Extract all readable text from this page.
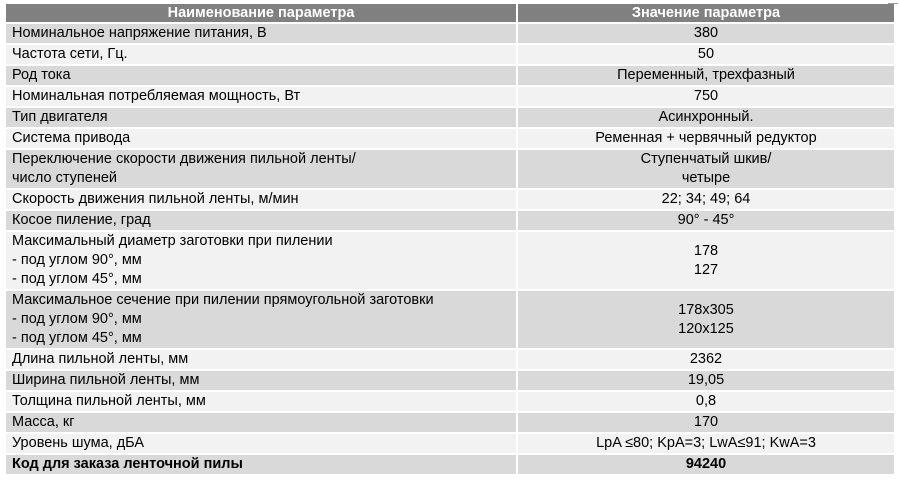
Наименование параметра	Значение параметра
Номинальное напряжение питания, В	380
Частота сети, Гц.	50
Род тока	Переменный, трехфазный
Номинальная потребляемая мощность, Вт	750
Тип двигателя	Асинхронный.
Система привода	Ременная + червячный редуктор

Переключение скорости движения пильной ленты/
число ступеней	Ступенчатый шкив/
четыре

Скорость движения пильной ленты, м/мин	22; 34; 49; 64
Косое пиление, град	90° - 45°

Максимальный диаметр заготовки при пилении
- под углом 90°, мм
- под углом 45°, мм	178
127

Максимальное сечение при пилении прямоугольной заготовки
- под углом 90°, мм
- под углом 45°, мм	178x305
120x125

Длина пильной ленты, мм	2362
Ширина пильной ленты, мм	19,05
Толщина пильной ленты, мм	0,8
Масса, кг	170
Уровень шума, дБА	LpA ≤80; KpA=3; LwA≤91; KwA=3
Код для заказа ленточной пилы	94240
